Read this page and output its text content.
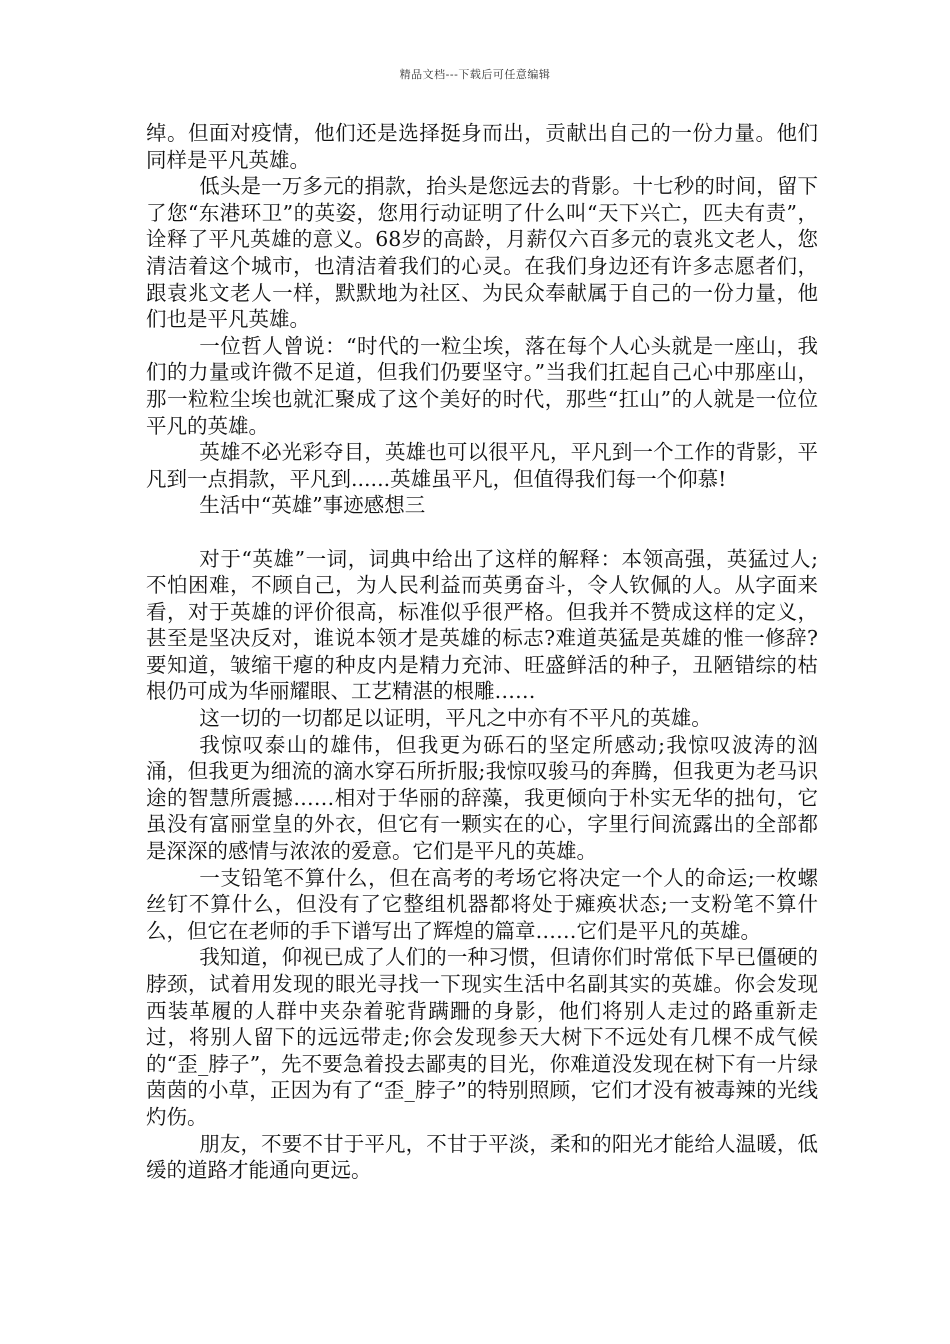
精品文档---下载后可任意编辑

绰。但面对疫情，他们还是选择挺身而出，贡献出自己的一份力量。他们同样是平凡英雄。

低头是一万多元的捐款，抬头是您远去的背影。十七秒的时间，留下了您“东港环卫”的英姿，您用行动证明了什么叫“天下兴亡，匹夫有责”，诠释了平凡英雄的意义。68岁的高龄，月薪仅六百多元的袁兆文老人，您清洁着这个城市，也清洁着我们的心灵。在我们身边还有许多志愿者们，跟袁兆文老人一样，默默地为社区、为民众奉献属于自己的一份力量，他们也是平凡英雄。

一位哲人曾说：“时代的一粒尘埃，落在每个人心头就是一座山，我们的力量或许微不足道，但我们仍要坚守。”当我们扛起自己心中那座山，那一粒粒尘埃也就汇聚成了这个美好的时代，那些“扛山”的人就是一位位平凡的英雄。

英雄不必光彩夺目，英雄也可以很平凡，平凡到一个工作的背影，平凡到一点捐款，平凡到......英雄虽平凡，但值得我们每一个仰慕!

生活中“英雄”事迹感想三

对于“英雄”一词，词典中给出了这样的解释：本领高强，英猛过人;不怕困难，不顾自己，为人民利益而英勇奋斗，令人钦佩的人。从字面来看，对于英雄的评价很高，标准似乎很严格。但我并不赞成这样的定义，甚至是坚决反对，谁说本领才是英雄的标志?难道英猛是英雄的惟一修辞?要知道，皱缩干瘪的种皮内是精力充沛、旺盛鲜活的种子，丑陋错综的枯根仍可成为华丽耀眼、工艺精湛的根雕……

这一切的一切都足以证明，平凡之中亦有不平凡的英雄。

我惊叹泰山的雄伟，但我更为砾石的坚定所感动;我惊叹波涛的汹涌，但我更为细流的滴水穿石所折服;我惊叹骏马的奔腾，但我更为老马识途的智慧所震撼……相对于华丽的辞藻，我更倾向于朴实无华的拙句，它虽没有富丽堂皇的外衣，但它有一颗实在的心，字里行间流露出的全部都是深深的感情与浓浓的爱意。它们是平凡的英雄。

一支铅笔不算什么，但在高考的考场它将决定一个人的命运;一枚螺丝钉不算什么，但没有了它整组机器都将处于瘫痪状态;一支粉笔不算什么，但它在老师的手下谱写出了辉煌的篇章……它们是平凡的英雄。

我知道，仰视已成了人们的一种习惯，但请你们时常低下早已僵硬的脖颈，试着用发现的眼光寻找一下现实生活中名副其实的英雄。你会发现西装革履的人群中夹杂着驼背蹒跚的身影，他们将别人走过的路重新走过，将别人留下的远远带走;你会发现参天大树下不远处有几棵不成气候的“歪_脖子”，先不要急着投去鄙夷的目光，你难道没发现在树下有一片绿茵茵的小草，正因为有了“歪_脖子”的特别照顾，它们才没有被毒辣的光线灼伤。

朋友，不要不甘于平凡，不甘于平淡，柔和的阳光才能给人温暖，低缓的道路才能通向更远。
